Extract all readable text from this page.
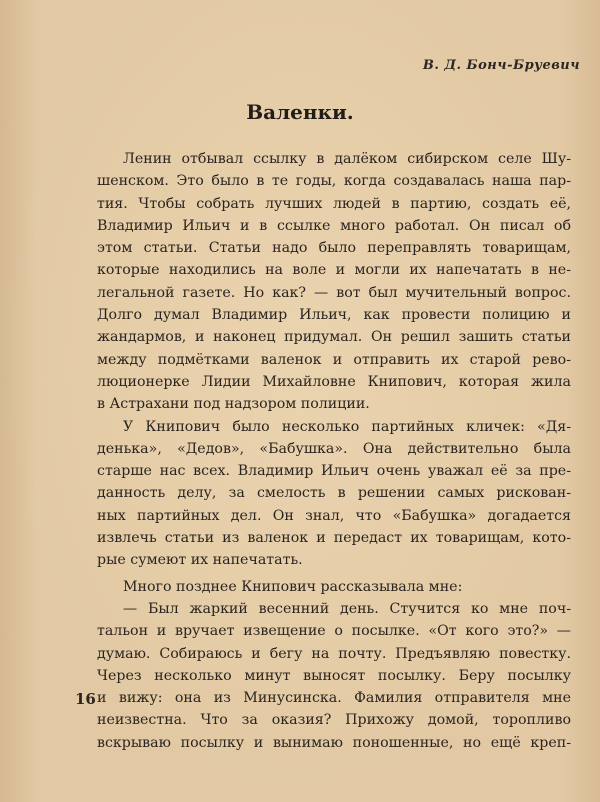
В. Д. Бонч-Бруевич
Валенки.
Ленин отбывал ссылку в далёком сибирском селе Шу-
шенском. Это было в те годы, когда создавалась наша пар-
тия. Чтобы собрать лучших людей в партию, создать её,
Владимир Ильич и в ссылке много работал. Он писал об
этом статьи. Статьи надо было переправлять товарищам,
которые находились на воле и могли их напечатать в не-
легальной газете. Но как? — вот был мучительный вопрос.
Долго думал Владимир Ильич, как провести полицию и
жандармов, и наконец придумал. Он решил зашить статьи
между подмётками валенок и отправить их старой рево-
люционерке Лидии Михайловне Книпович, которая жила
в Астрахани под надзором полиции.
У Книпович было несколько партийных кличек: «Дя-
денька», «Дедов», «Бабушка». Она действительно была
старше нас всех. Владимир Ильич очень уважал её за пре-
данность делу, за смелость в решении самых рискован-
ных партийных дел. Он знал, что «Бабушка» догадается
извлечь статьи из валенок и передаст их товарищам, кото-
рые сумеют их напечатать.
Много позднее Книпович рассказывала мне:
— Был жаркий весенний день. Стучится ко мне поч-
тальон и вручает извещение о посылке. «От кого это?» —
думаю. Собираюсь и бегу на почту. Предъявляю повестку.
Через несколько минут выносят посылку. Беру посылку
и вижу: она из Минусинска. Фамилия отправителя мне
неизвестна. Что за оказия? Прихожу домой, торопливо
вскрываю посылку и вынимаю поношенные, но ещё креп-
16
